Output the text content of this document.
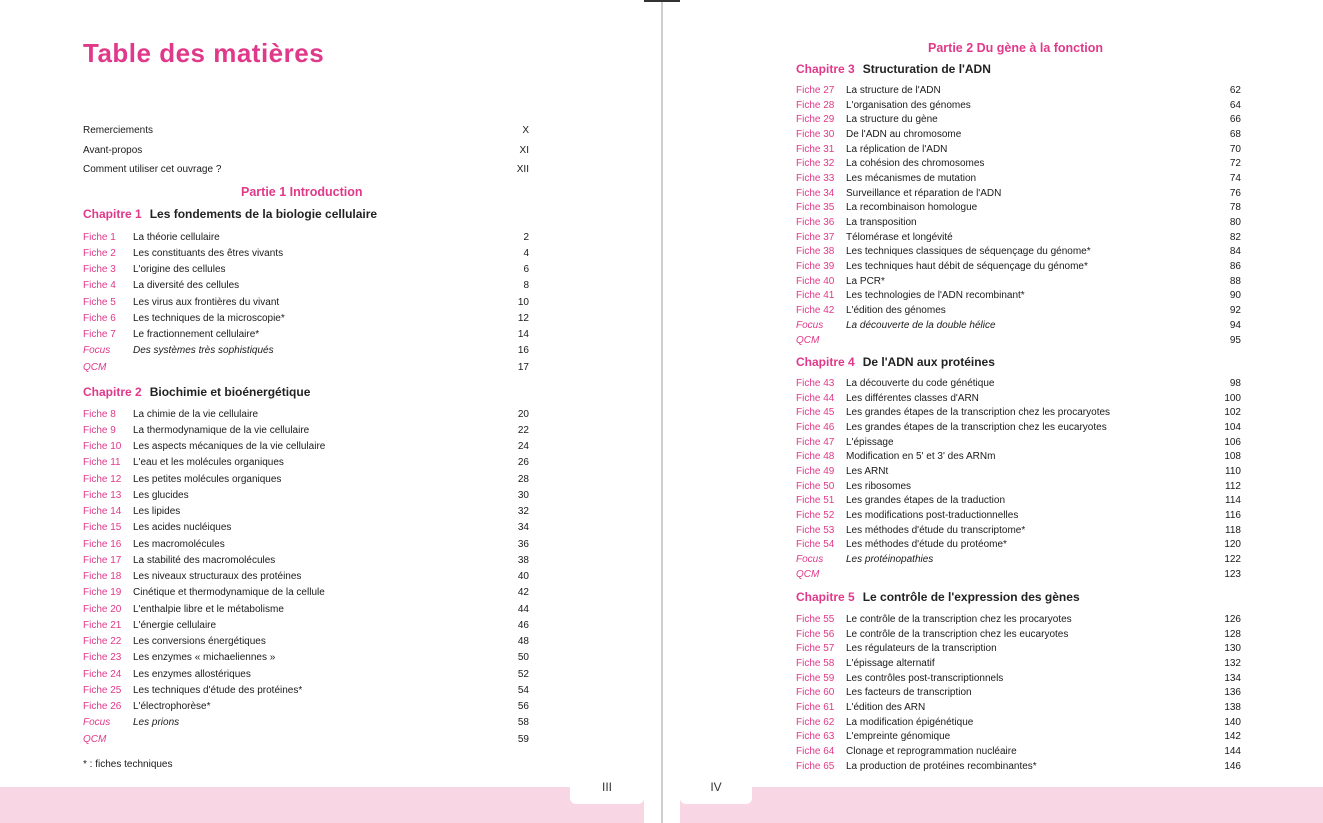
III	IV
Table des matières
Remerciements	X
Avant-propos	XI
Comment utiliser cet ouvrage ?	XII
Partie 1 Introduction
Chapitre 1 Les fondements de la biologie cellulaire
Fiche 1	La théorie cellulaire	2
Fiche 2	Les constituants des êtres vivants	4
Fiche 3	L'origine des cellules	6
Fiche 4	La diversité des cellules	8
Fiche 5	Les virus aux frontières du vivant	10
Fiche 6	Les techniques de la microscopie*	12
Fiche 7	Le fractionnement cellulaire*	14
Focus	Des systèmes très sophistiqués	16
QCM	17
Chapitre 2 Biochimie et bioénergétique
Fiche 8	La chimie de la vie cellulaire	20
Fiche 9	La thermodynamique de la vie cellulaire	22
Fiche 10	Les aspects mécaniques de la vie cellulaire	24
Fiche 11	L'eau et les molécules organiques	26
Fiche 12	Les petites molécules organiques	28
Fiche 13	Les glucides	30
Fiche 14	Les lipides	32
Fiche 15	Les acides nucléiques	34
Fiche 16	Les macromolécules	36
Fiche 17	La stabilité des macromolécules	38
Fiche 18	Les niveaux structuraux des protéines	40
Fiche 19	Cinétique et thermodynamique de la cellule	42
Fiche 20	L'enthalpie libre et le métabolisme	44
Fiche 21	L'énergie cellulaire	46
Fiche 22	Les conversions énergétiques	48
Fiche 23	Les enzymes « michaeliennes »	50
Fiche 24	Les enzymes allostériques	52
Fiche 25	Les techniques d'étude des protéines*	54
Fiche 26	L'électrophorèse*	56
Focus	Les prions	58
QCM	59
* : fiches techniques
Partie 2 Du gène à la fonction
Chapitre 3 Structuration de l'ADN
Fiche 27	La structure de l'ADN	62
Fiche 28	L'organisation des génomes	64
Fiche 29	La structure du gène	66
Fiche 30	De l'ADN au chromosome	68
Fiche 31	La réplication de l'ADN	70
Fiche 32	La cohésion des chromosomes	72
Fiche 33	Les mécanismes de mutation	74
Fiche 34	Surveillance et réparation de l'ADN	76
Fiche 35	La recombinaison homologue	78
Fiche 36	La transposition	80
Fiche 37	Télomérase et longévité	82
Fiche 38	Les techniques classiques de séquençage du génome*	84
Fiche 39	Les techniques haut débit de séquençage du génome*	86
Fiche 40	La PCR*	88
Fiche 41	Les technologies de l'ADN recombinant*	90
Fiche 42	L'édition des génomes	92
Focus	La découverte de la double hélice	94
QCM	95
Chapitre 4 De l'ADN aux protéines
Fiche 43	La découverte du code génétique	98
Fiche 44	Les différentes classes d'ARN	100
Fiche 45	Les grandes étapes de la transcription chez les procaryotes	102
Fiche 46	Les grandes étapes de la transcription chez les eucaryotes	104
Fiche 47	L'épissage	106
Fiche 48	Modification en 5' et 3' des ARNm	108
Fiche 49	Les ARNt	110
Fiche 50	Les ribosomes	112
Fiche 51	Les grandes étapes de la traduction	114
Fiche 52	Les modifications post-traductionnelles	116
Fiche 53	Les méthodes d'étude du transcriptome*	118
Fiche 54	Les méthodes d'étude du protéome*	120
Focus	Les protéinopathies	122
QCM	123
Chapitre 5 Le contrôle de l'expression des gènes
Fiche 55	Le contrôle de la transcription chez les procaryotes	126
Fiche 56	Le contrôle de la transcription chez les eucaryotes	128
Fiche 57	Les régulateurs de la transcription	130
Fiche 58	L'épissage alternatif	132
Fiche 59	Les contrôles post-transcriptionnels	134
Fiche 60	Les facteurs de transcription	136
Fiche 61	L'édition des ARN	138
Fiche 62	La modification épigénétique	140
Fiche 63	L'empreinte génomique	142
Fiche 64	Clonage et reprogrammation nucléaire	144
Fiche 65	La production de protéines recombinantes*	146
